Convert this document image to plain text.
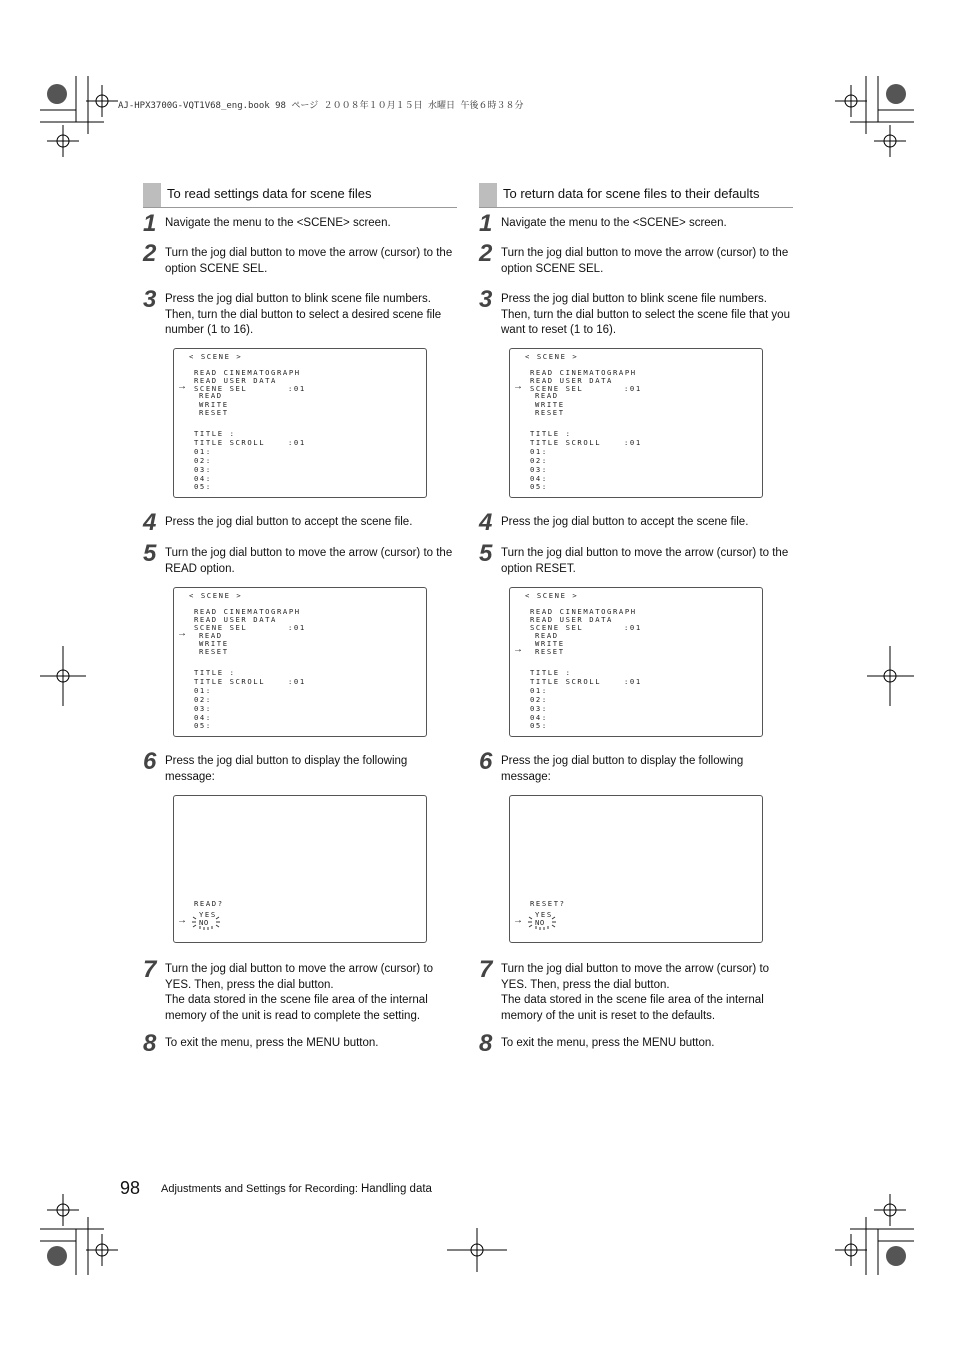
AJ-HPX3700G-VQT1V68_eng.book 98 ページ ２００８年１０月１５日 水曜日 午後６時３８分
To read settings data for scene files
1 Navigate the menu to the <SCENE> screen.
2 Turn the jog dial button to move the arrow (cursor) to the option SCENE SEL.
3 Press the jog dial button to blink scene file numbers. Then, turn the dial button to select a desired scene file number (1 to 16).
< SCENE >
READ CINEMATOGRAPH
READ USER DATA
→ SCENE SEL	:01
READ
WRITE
RESET
TITLE :
TITLE SCROLL	:01
01:
02:
03:
04:
05:
4 Press the jog dial button to accept the scene file.
5 Turn the jog dial button to move the arrow (cursor) to the READ option.
< SCENE >
READ CINEMATOGRAPH
READ USER DATA
SCENE SEL	:01
→ READ
WRITE
RESET
TITLE :
TITLE SCROLL	:01
01:
02:
03:
04:
05:
6 Press the jog dial button to display the following message:
READ?
YES
→ NO
7 Turn the jog dial button to move the arrow (cursor) to YES. Then, press the dial button.
The data stored in the scene file area of the internal memory of the unit is read to complete the setting.
8 To exit the menu, press the MENU button.
To return data for scene files to their defaults
1 Navigate the menu to the <SCENE> screen.
2 Turn the jog dial button to move the arrow (cursor) to the option SCENE SEL.
3 Press the jog dial button to blink scene file numbers. Then, turn the dial button to select the scene file that you want to reset (1 to 16).
< SCENE >
READ CINEMATOGRAPH
READ USER DATA
→ SCENE SEL	:01
READ
WRITE
RESET
TITLE :
TITLE SCROLL	:01
01:
02:
03:
04:
05:
4 Press the jog dial button to accept the scene file.
5 Turn the jog dial button to move the arrow (cursor) to the option RESET.
< SCENE >
READ CINEMATOGRAPH
READ USER DATA
SCENE SEL	:01
READ
WRITE
→ RESET
TITLE :
TITLE SCROLL	:01
01:
02:
03:
04:
05:
6 Press the jog dial button to display the following message:
RESET?
YES
→ NO
7 Turn the jog dial button to move the arrow (cursor) to YES. Then, press the dial button.
The data stored in the scene file area of the internal memory of the unit is reset to the defaults.
8 To exit the menu, press the MENU button.
98 Adjustments and Settings for Recording: Handling data
